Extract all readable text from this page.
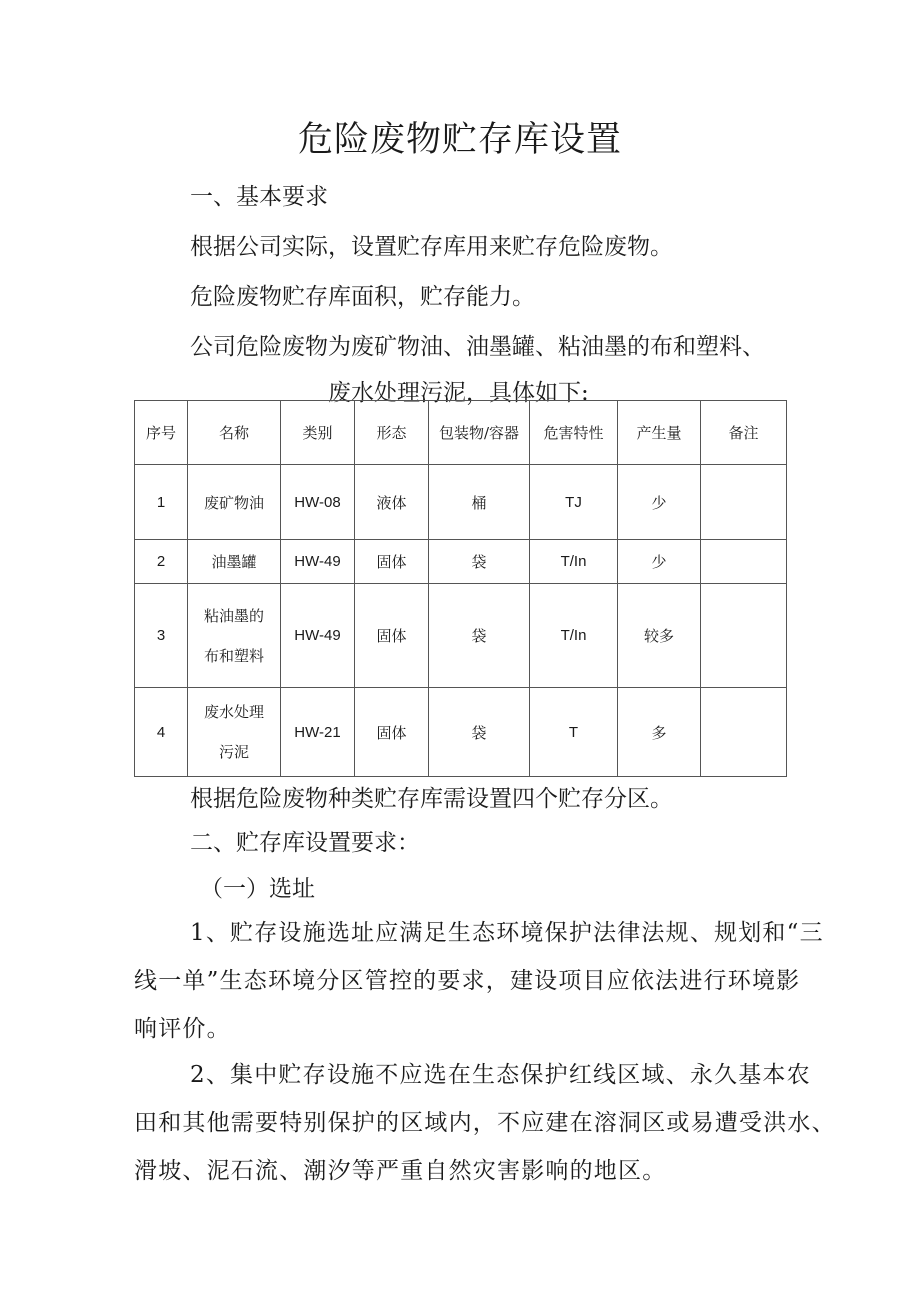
危险废物贮存库设置
一、基本要求
根据公司实际，设置贮存库用来贮存危险废物。
危险废物贮存库面积，贮存能力。
公司危险废物为废矿物油、油墨罐、粘油墨的布和塑料、
废水处理污泥，具体如下:
序号	名称	类别	形态	包装物/容器	危害特性	产生量	备注
1	废矿物油	HW-08	液体	桶	TJ	少	
2	油墨罐	HW-49	固体	袋	T/In	少	
3	粘油墨的
布和塑料	HW-49	固体	袋	T/In	较多	
4	废水处理
污泥	HW-21	固体	袋	T	多	
根据危险废物种类贮存库需设置四个贮存分区。
二、贮存库设置要求：
（一）选址
1、贮存设施选址应满足生态环境保护法律法规、规划和“三
线一单”生态环境分区管控的要求，建设项目应依法进行环境影
响评价。
2、集中贮存设施不应选在生态保护红线区域、永久基本农
田和其他需要特别保护的区域内，不应建在溶洞区或易遭受洪水、
滑坡、泥石流、潮汐等严重自然灾害影响的地区。
